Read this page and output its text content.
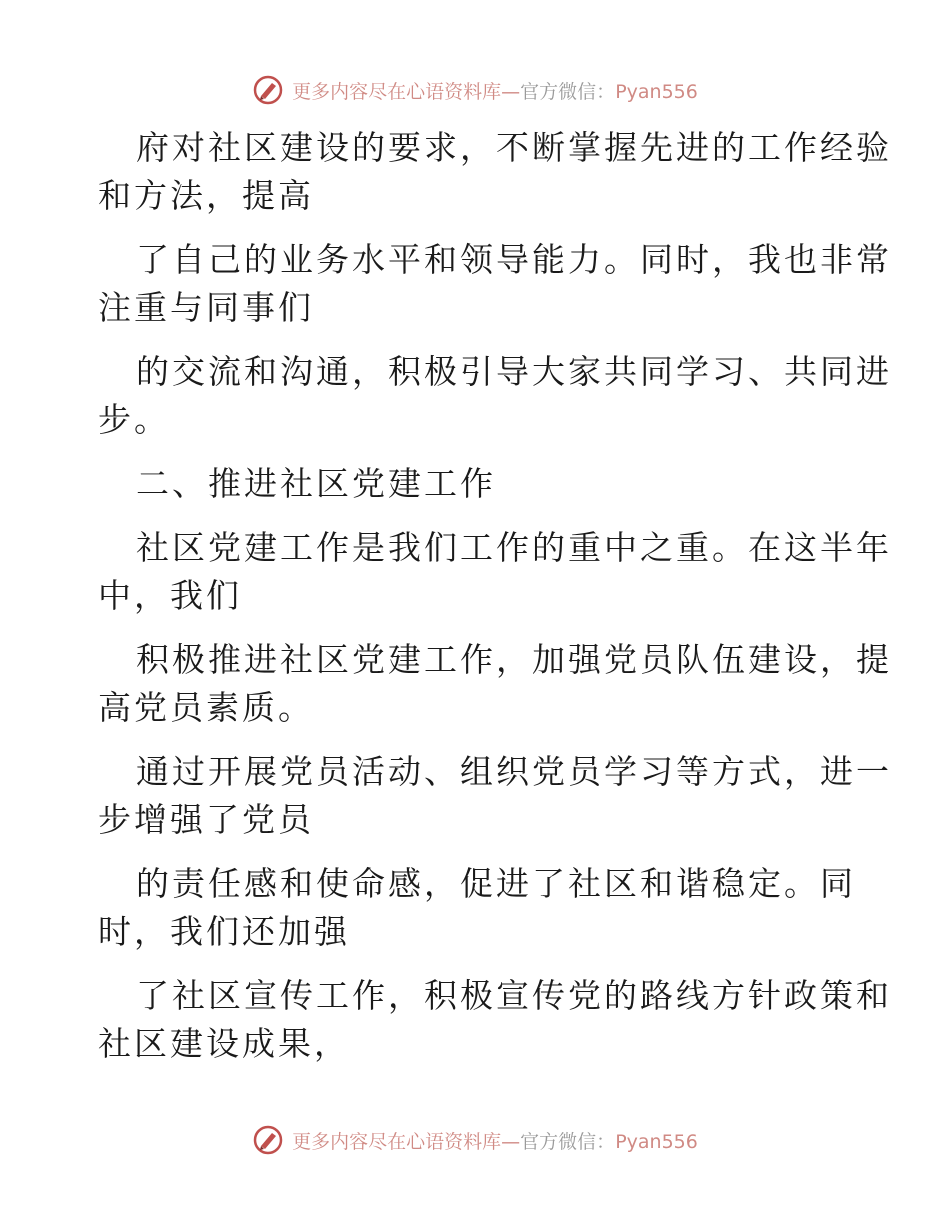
更多内容尽在心语资料库—官方微信：Pyan556

府对社区建设的要求，不断掌握先进的工作经验

和方法，提高

了自己的业务水平和领导能力。同时，我也非常

注重与同事们

的交流和沟通，积极引导大家共同学习、共同进

步。

二、推进社区党建工作

社区党建工作是我们工作的重中之重。在这半年

中，我们

积极推进社区党建工作，加强党员队伍建设，提

高党员素质。

通过开展党员活动、组织党员学习等方式，进一

步增强了党员

的责任感和使命感，促进了社区和谐稳定。同

时，我们还加强

了社区宣传工作，积极宣传党的路线方针政策和

社区建设成果，

更多内容尽在心语资料库—官方微信：Pyan556
